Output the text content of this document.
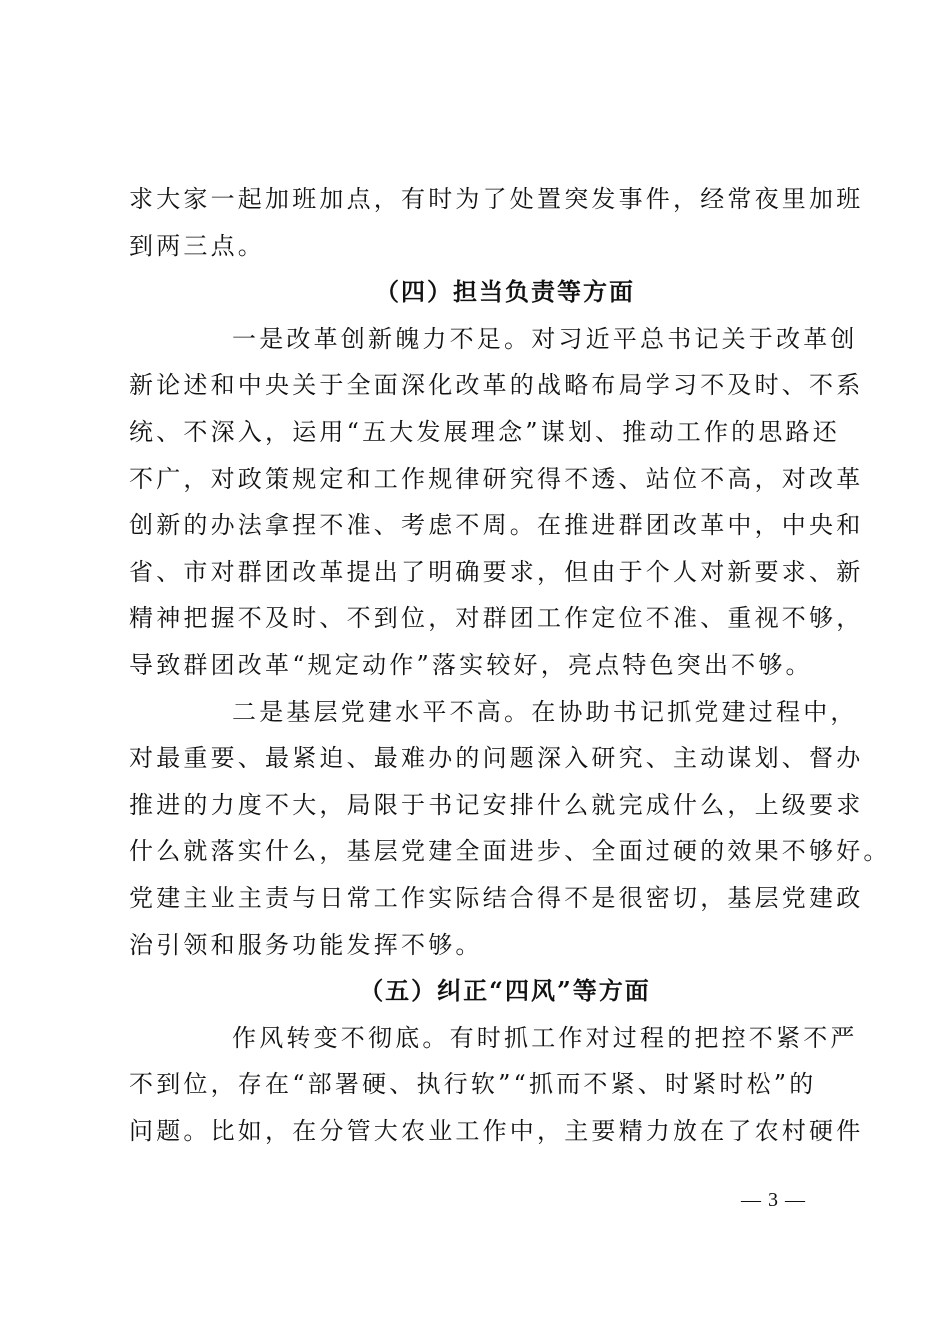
求大家一起加班加点，有时为了处置突发事件，经常夜里加班
到两三点。
（四）担当负责等方面
一是改革创新魄力不足。对习近平总书记关于改革创
新论述和中央关于全面深化改革的战略布局学习不及时、不系
统、不深入，运用“五大发展理念”谋划、推动工作的思路还
不广，对政策规定和工作规律研究得不透、站位不高，对改革
创新的办法拿捏不准、考虑不周。在推进群团改革中，中央和
省、市对群团改革提出了明确要求，但由于个人对新要求、新
精神把握不及时、不到位，对群团工作定位不准、重视不够，
导致群团改革“规定动作”落实较好，亮点特色突出不够。
二是基层党建水平不高。在协助书记抓党建过程中，
对最重要、最紧迫、最难办的问题深入研究、主动谋划、督办
推进的力度不大，局限于书记安排什么就完成什么，上级要求
什么就落实什么，基层党建全面进步、全面过硬的效果不够好。
党建主业主责与日常工作实际结合得不是很密切，基层党建政
治引领和服务功能发挥不够。
（五）纠正“四风”等方面
作风转变不彻底。有时抓工作对过程的把控不紧不严
不到位，存在“部署硬、执行软”“抓而不紧、时紧时松”的
问题。比如，在分管大农业工作中，主要精力放在了农村硬件
— 3 —
